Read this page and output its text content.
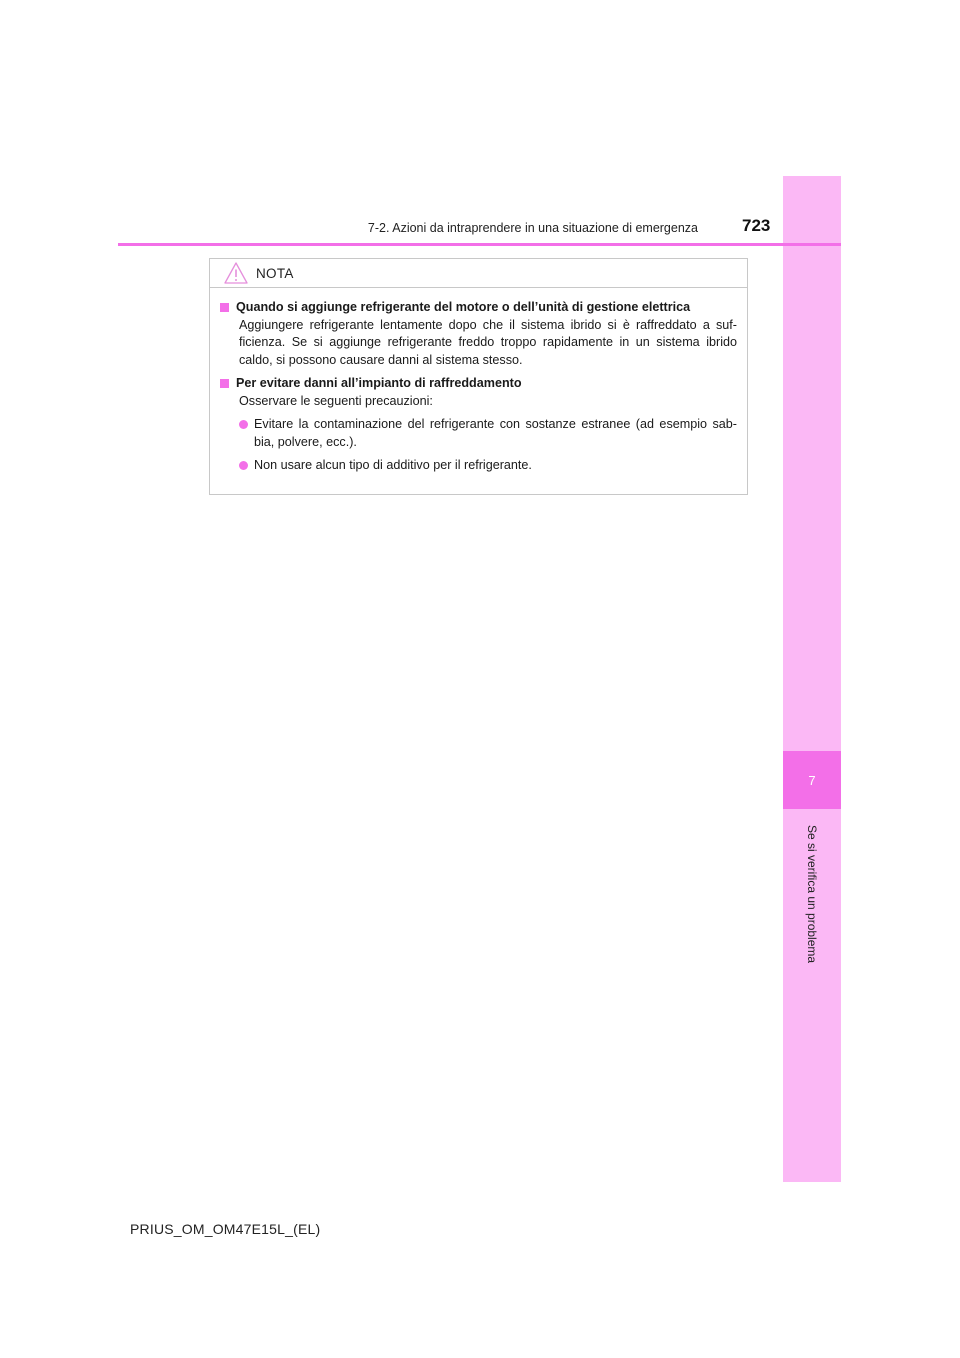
7
Se si verifica un problema
7-2. Azioni da intraprendere in una situazione di emergenza	723
NOTA
Quando si aggiunge refrigerante del motore o dell’unità di gestione elettrica
Aggiungere refrigerante lentamente dopo che il sistema ibrido si è raffreddato a suf-ficienza. Se si aggiunge refrigerante freddo troppo rapidamente in un sistema ibrido caldo, si possono causare danni al sistema stesso.
Per evitare danni all’impianto di raffreddamento
Osservare le seguenti precauzioni:
Evitare la contaminazione del refrigerante con sostanze estranee (ad esempio sab-bia, polvere, ecc.).
Non usare alcun tipo di additivo per il refrigerante.
PRIUS_OM_OM47E15L_(EL)
